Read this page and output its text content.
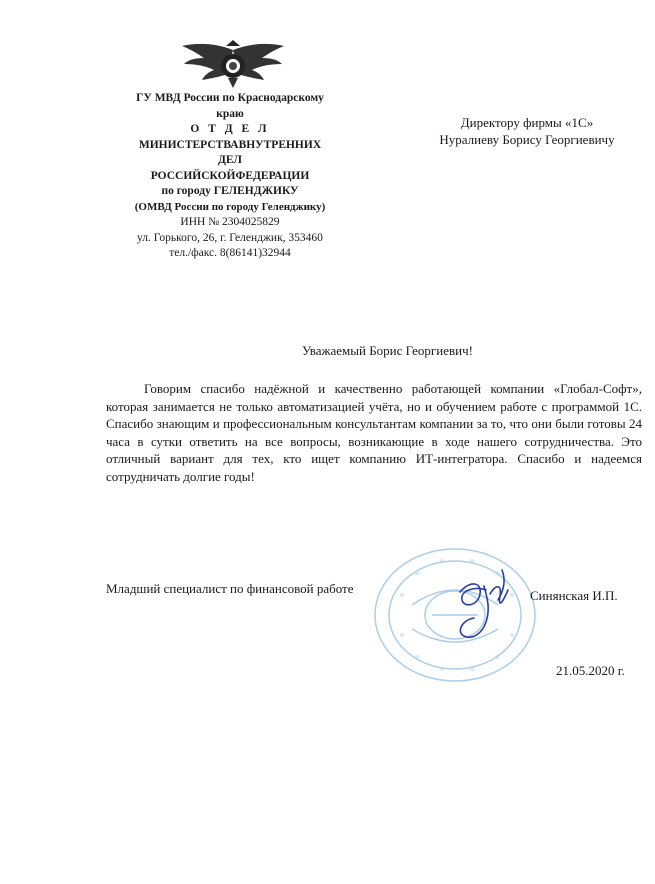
ГУ МВД России по Краснодарскому
краю
О Т Д Е Л
МИНИСТЕРСТВАВНУТРЕННИХ
ДЕЛ
РОССИЙСКОЙФЕДЕРАЦИИ
по городу ГЕЛЕНДЖИКУ
(ОМВД России по городу Геленджику)
ИНН № 2304025829
ул. Горького, 26, г. Геленджик, 353460
тел./факс. 8(86141)32944
Директору фирмы «1С»
Нуралиеву Борису Георгиевичу
Уважаемый Борис Георгиевич!
Говорим спасибо надёжной и качественно работающей компании «Глобал-Софт», которая занимается не только автоматизацией учёта, но и обучением работе с программой 1С. Спасибо знающим и профессиональным консультантам компании за то, что они были готовы 24 часа в сутки ответить на все вопросы, возникающие в ходе нашего сотрудничества. Это отличный вариант для тех, кто ищет компанию ИТ-интегратора. Спасибо и надеемся сотрудничать долгие годы!
Младший специалист по финансовой работе	Синянская И.П.
21.05.2020 г.
